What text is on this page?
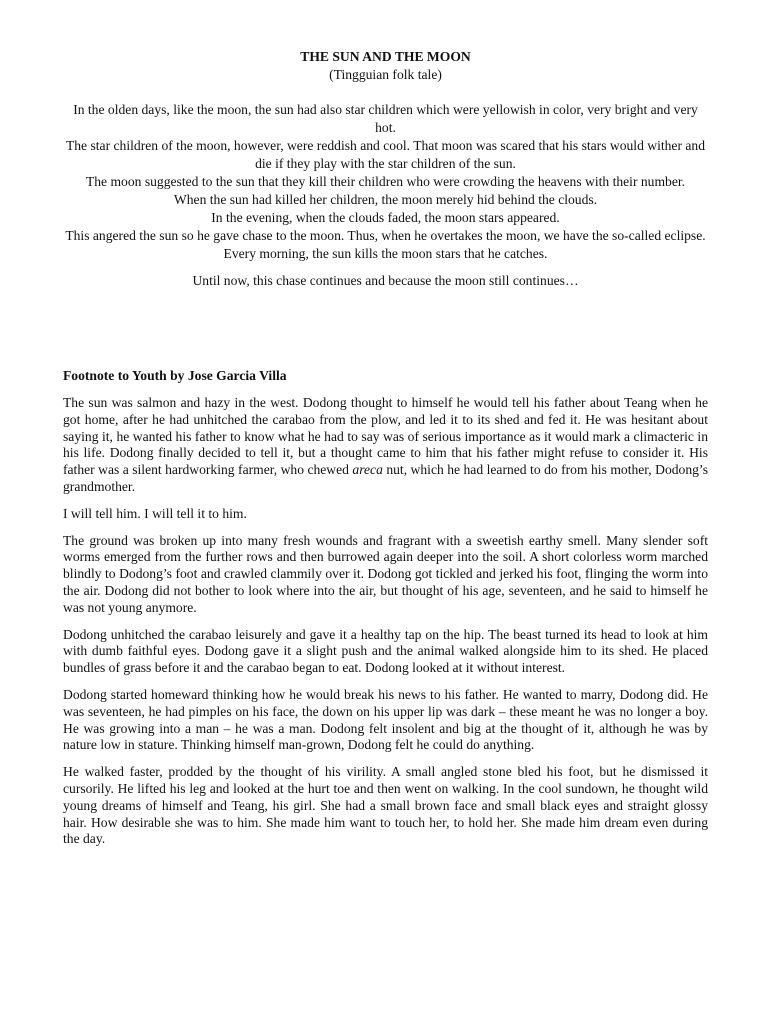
THE SUN AND THE MOON
(Tingguian folk tale)

In the olden days, like the moon, the sun had also star children which were yellowish in color, very bright and very hot.

The star children of the moon, however, were reddish and cool. That moon was scared that his stars would wither and die if they play with the star children of the sun.

The moon suggested to the sun that they kill their children who were crowding the heavens with their number.

When the sun had killed her children, the moon merely hid behind the clouds.

In the evening, when the clouds faded, the moon stars appeared.

This angered the sun so he gave chase to the moon. Thus, when he overtakes the moon, we have the so-called eclipse.

Every morning, the sun kills the moon stars that he catches.

Until now, this chase continues and because the moon still continues…

Footnote to Youth by Jose Garcia Villa

The sun was salmon and hazy in the west. Dodong thought to himself he would tell his father about Teang when he got home, after he had unhitched the carabao from the plow, and led it to its shed and fed it. He was hesitant about saying it, he wanted his father to know what he had to say was of serious importance as it would mark a climacteric in his life. Dodong finally decided to tell it, but a thought came to him that his father might refuse to consider it. His father was a silent hardworking farmer, who chewed areca nut, which he had learned to do from his mother, Dodong’s grandmother.

I will tell him. I will tell it to him.

The ground was broken up into many fresh wounds and fragrant with a sweetish earthy smell. Many slender soft worms emerged from the further rows and then burrowed again deeper into the soil. A short colorless worm marched blindly to Dodong’s foot and crawled clammily over it. Dodong got tickled and jerked his foot, flinging the worm into the air. Dodong did not bother to look where into the air, but thought of his age, seventeen, and he said to himself he was not young anymore.

Dodong unhitched the carabao leisurely and gave it a healthy tap on the hip. The beast turned its head to look at him with dumb faithful eyes. Dodong gave it a slight push and the animal walked alongside him to its shed. He placed bundles of grass before it and the carabao began to eat. Dodong looked at it without interest.

Dodong started homeward thinking how he would break his news to his father. He wanted to marry, Dodong did. He was seventeen, he had pimples on his face, the down on his upper lip was dark – these meant he was no longer a boy. He was growing into a man – he was a man. Dodong felt insolent and big at the thought of it, although he was by nature low in stature. Thinking himself man-grown, Dodong felt he could do anything.

He walked faster, prodded by the thought of his virility. A small angled stone bled his foot, but he dismissed it cursorily. He lifted his leg and looked at the hurt toe and then went on walking. In the cool sundown, he thought wild young dreams of himself and Teang, his girl. She had a small brown face and small black eyes and straight glossy hair. How desirable she was to him. She made him want to touch her, to hold her. She made him dream even during the day.
